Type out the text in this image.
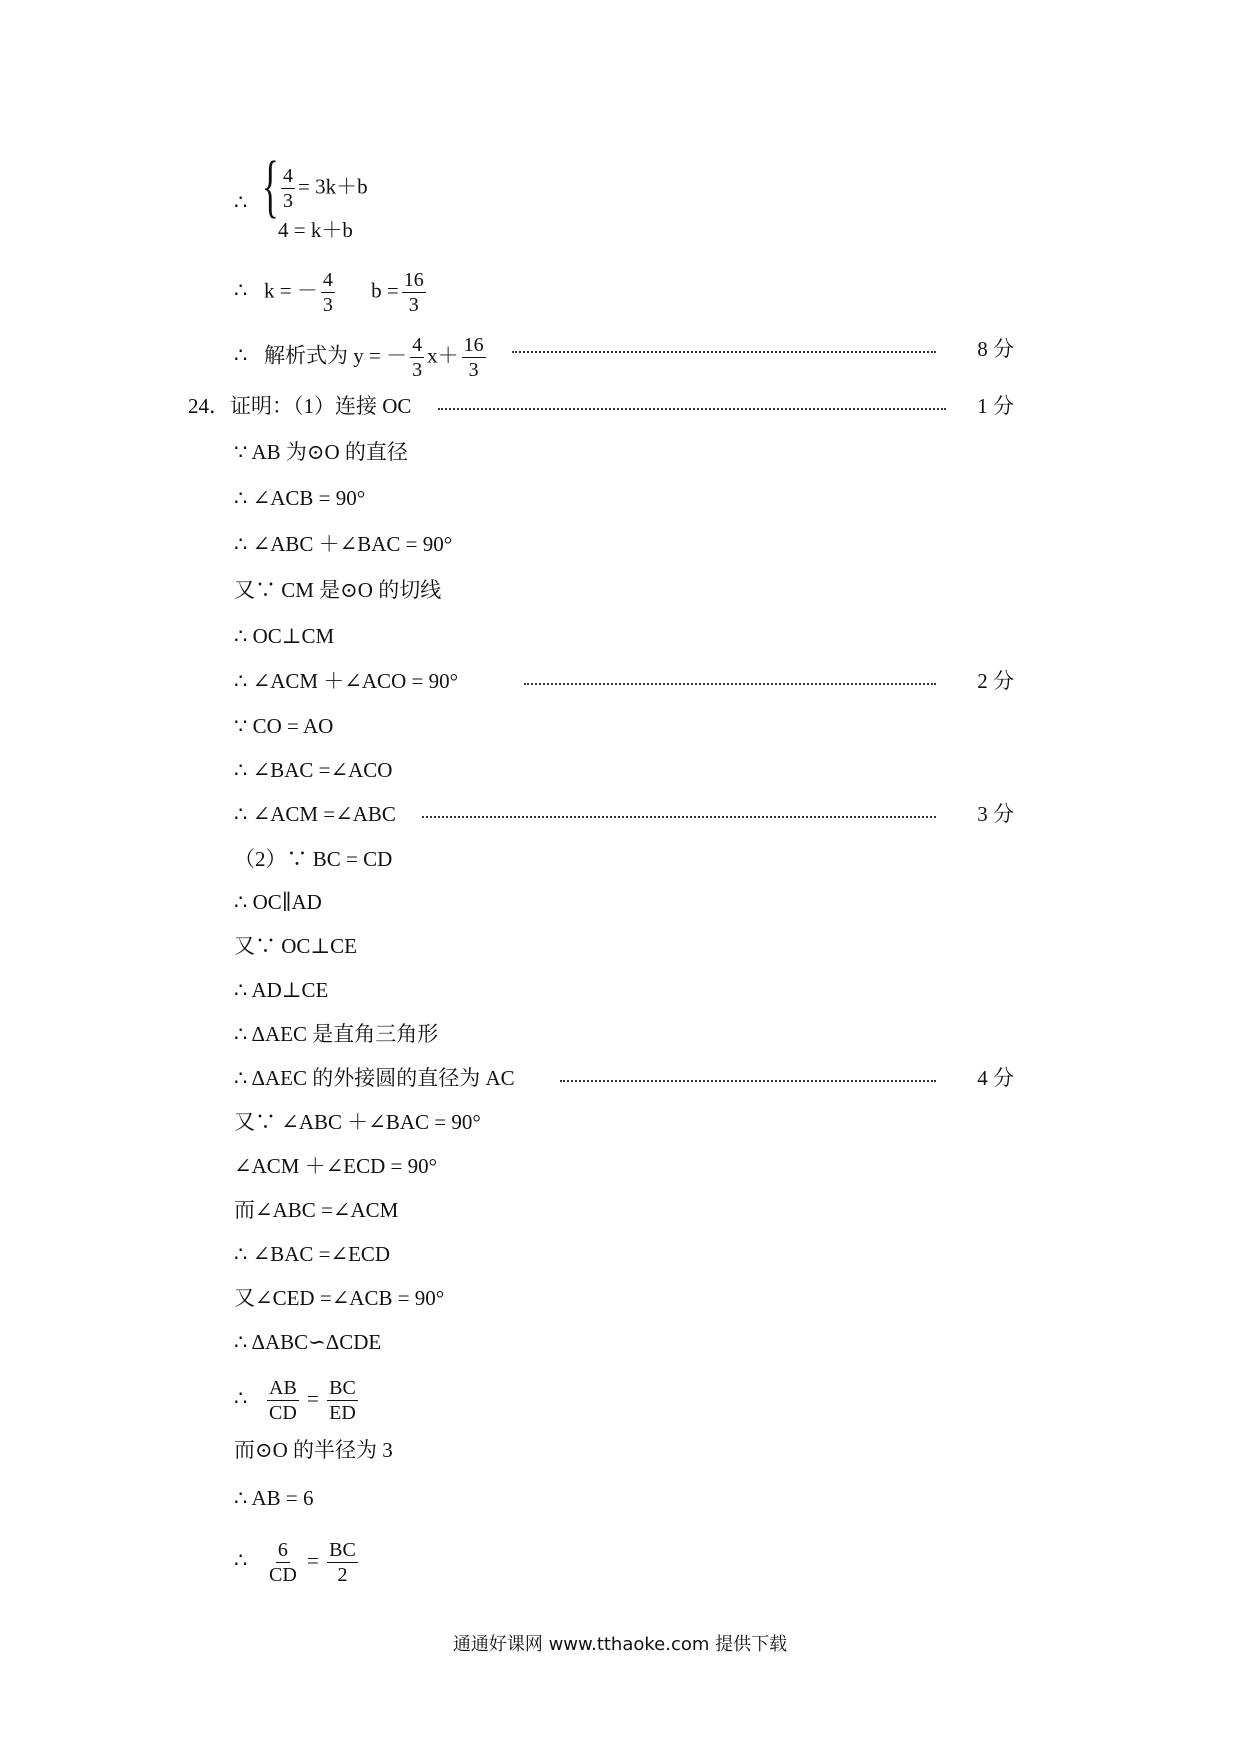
∴ { $\frac{4}{3} = 3k+b$
4 = k＋b
∴ k = － $\frac{4}{3}$ $b = \frac{16}{3}$
∴ 解析式为 y = － $\frac{4}{3} x+ \frac{16}{3}$	8 分
24．证明：（1）连接 OC	1 分
∵ AB 为⊙O 的直径
∴ ∠ACB = 90°
∴ ∠ABC ＋∠BAC = 90°
又∵ CM 是⊙O 的切线
∴ OC⊥CM
∴ ∠ACM ＋∠ACO = 90°	2 分
∵ CO = AO
∴ ∠BAC =∠ACO
∴ ∠ACM =∠ABC	3 分
（2）∵ BC = CD
∴ OC∥AD
又∵ OC⊥CE
∴ AD⊥CE
∴ ΔAEC 是直角三角形
∴ ΔAEC 的外接圆的直径为 AC	4 分
又∵ ∠ABC ＋∠BAC = 90°
∠ACM ＋∠ECD = 90°
而∠ABC =∠ACM
∴ ∠BAC =∠ECD
又∠CED =∠ACB = 90°
∴ ΔABC∽ΔCDE
∴ $\frac{AB}{CD} = \frac{BC}{ED}$
而⊙O 的半径为 3
∴ AB = 6
∴ $\frac{6}{CD} = \frac{BC}{2}$
通通好课网 www.tthaoke.com 提供下载
